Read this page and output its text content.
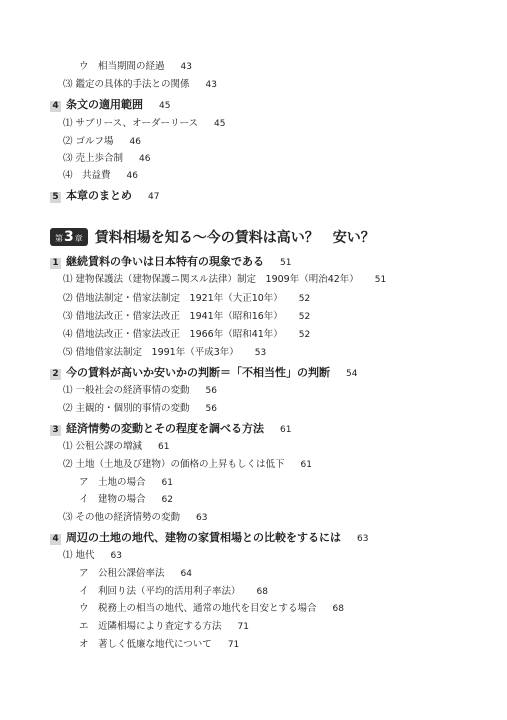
ウ　相当期間の経過 43
⑶ 鑑定の具体的手法との関係 43
4 条文の適用範囲 45
⑴ サブリース、オーダーリース 45
⑵ ゴルフ場 46
⑶ 売上歩合制 46
⑷　共益費 46
5 本章のまとめ 47
第3章 賃料相場を知る〜今の賃料は高い？　安い？
1 継続賃料の争いは日本特有の現象である 51
⑴ 建物保護法（建物保護ニ関スル法律）制定　1909年（明治42年） 51
⑵ 借地法制定・借家法制定　1921年（大正10年） 52
⑶ 借地法改正・借家法改正　1941年（昭和16年） 52
⑷ 借地法改正・借家法改正　1966年（昭和41年） 52
⑸ 借地借家法制定　1991年（平成3年） 53
2 今の賃料が高いか安いかの判断＝「不相当性」の判断 54
⑴ 一般社会の経済事情の変動 56
⑵ 主観的・個別的事情の変動 56
3 経済情勢の変動とその程度を調べる方法 61
⑴ 公租公課の増減 61
⑵ 土地（土地及び建物）の価格の上昇もしくは低下 61
ア　土地の場合 61
イ　建物の場合 62
⑶ その他の経済情勢の変動 63
4 周辺の土地の地代、建物の家賃相場との比較をするには 63
⑴ 地代 63
ア　公租公課倍率法 64
イ　利回り法（平均的活用利子率法） 68
ウ　税務上の相当の地代、通常の地代を目安とする場合 68
エ　近隣相場により査定する方法 71
オ　著しく低廉な地代について 71
